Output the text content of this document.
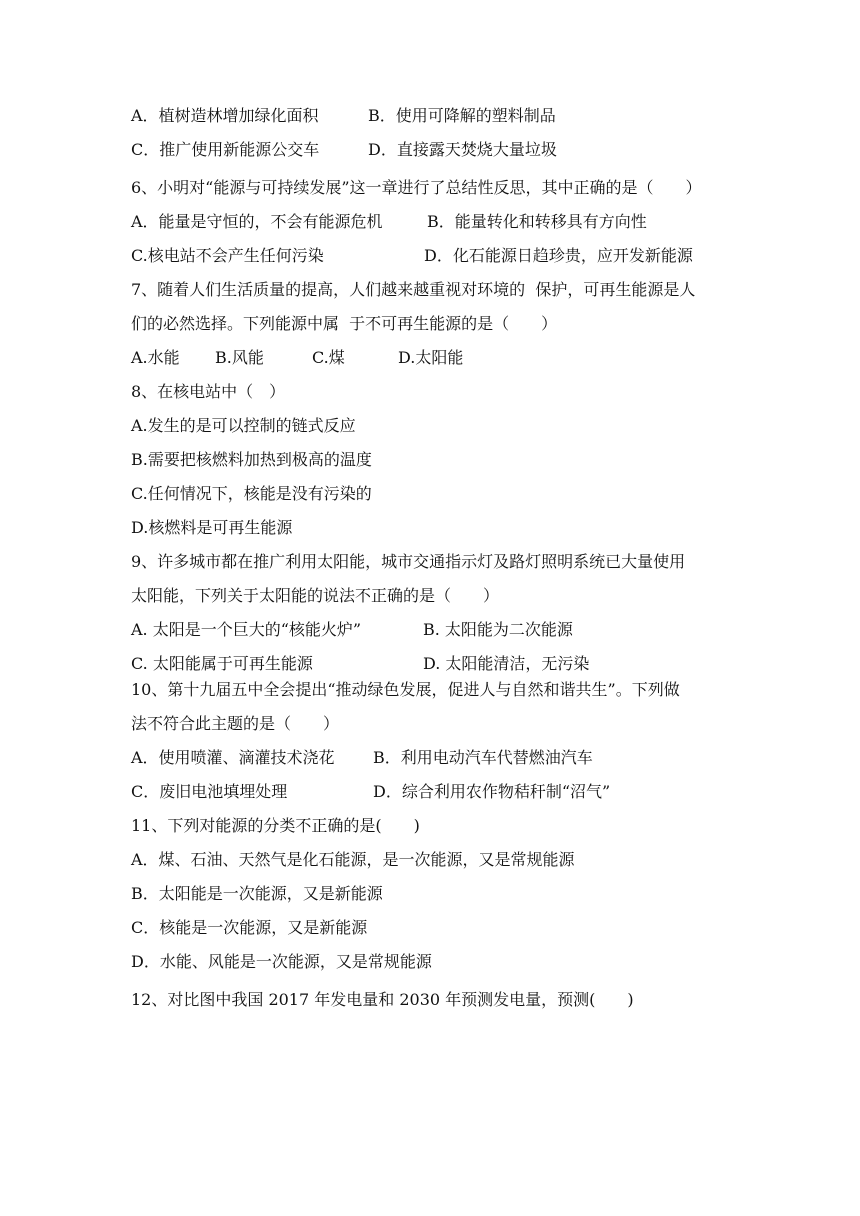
A．植树造林增加绿化面积	B．使用可降解的塑料制品
C．推广使用新能源公交车	D．直接露天焚烧大量垃圾
6、小明对“能源与可持续发展”这一章进行了总结性反思，其中正确的是（　　）
A．能量是守恒的，不会有能源危机	B．能量转化和转移具有方向性
C.核电站不会产生任何污染	D．化石能源日趋珍贵，应开发新能源
7、随着人们生活质量的提高，人们越来越重视对环境的  保护，可再生能源是人
们的必然选择。下列能源中属  于不可再生能源的是（　　）
A.水能 B.风能	C.煤	D.太阳能
8、在核电站中（　）
A.发生的是可以控制的链式反应
B.需要把核燃料加热到极高的温度
C.任何情况下，核能是没有污染的
D.核燃料是可再生能源
9、许多城市都在推广利用太阳能，城市交通指示灯及路灯照明系统已大量使用
太阳能，下列关于太阳能的说法不正确的是（　　）
A. 太阳是一个巨大的“核能火炉”	B. 太阳能为二次能源
C. 太阳能属于可再生能源	D. 太阳能清洁，无污染
10、第十九届五中全会提出“推动绿色发展，促进人与自然和谐共生”。下列做
法不符合此主题的是（　　）
A．使用喷灌、滴灌技术浇花 B．利用电动汽车代替燃油汽车
C．废旧电池填埋处理	D．综合利用农作物秸秆制“沼气”
11、下列对能源的分类不正确的是(　　)
A．煤、石油、天然气是化石能源，是一次能源，又是常规能源
B．太阳能是一次能源，又是新能源
C．核能是一次能源，又是新能源
D．水能、风能是一次能源，又是常规能源
12、对比图中我国 2017 年发电量和 2030 年预测发电量，预测(　　)
